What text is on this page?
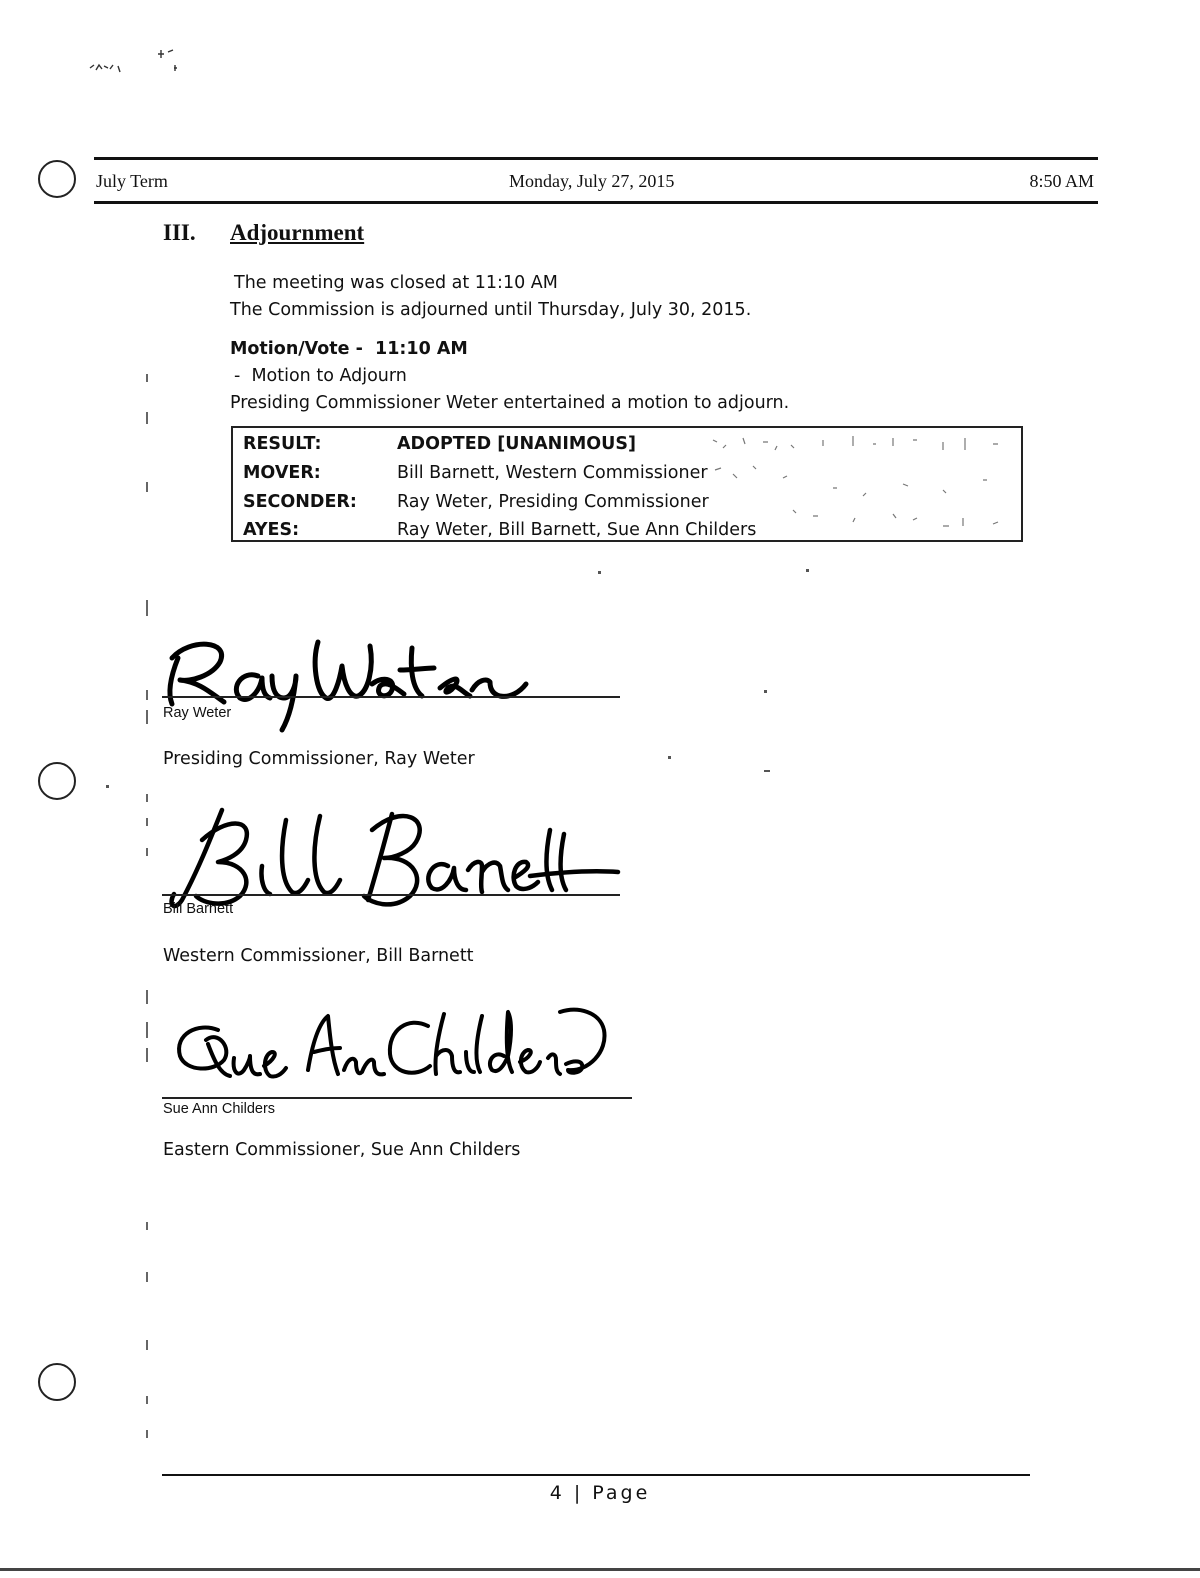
July Term	Monday, July 27, 2015	8:50 AM
III. Adjournment
The meeting was closed at 11:10 AM
The Commission is adjourned until Thursday, July 30, 2015.
Motion/Vote -  11:10 AM
-  Motion to Adjourn
Presiding Commissioner Weter entertained a motion to adjourn.
RESULT:	ADOPTED [UNANIMOUS]
MOVER:	Bill Barnett, Western Commissioner
SECONDER: Ray Weter, Presiding Commissioner
AYES:	Ray Weter, Bill Barnett, Sue Ann Childers
Ray Weter
Presiding Commissioner, Ray Weter
Bill Barnett
Western Commissioner, Bill Barnett
Sue Ann Childers
Eastern Commissioner, Sue Ann Childers
4 | Page
